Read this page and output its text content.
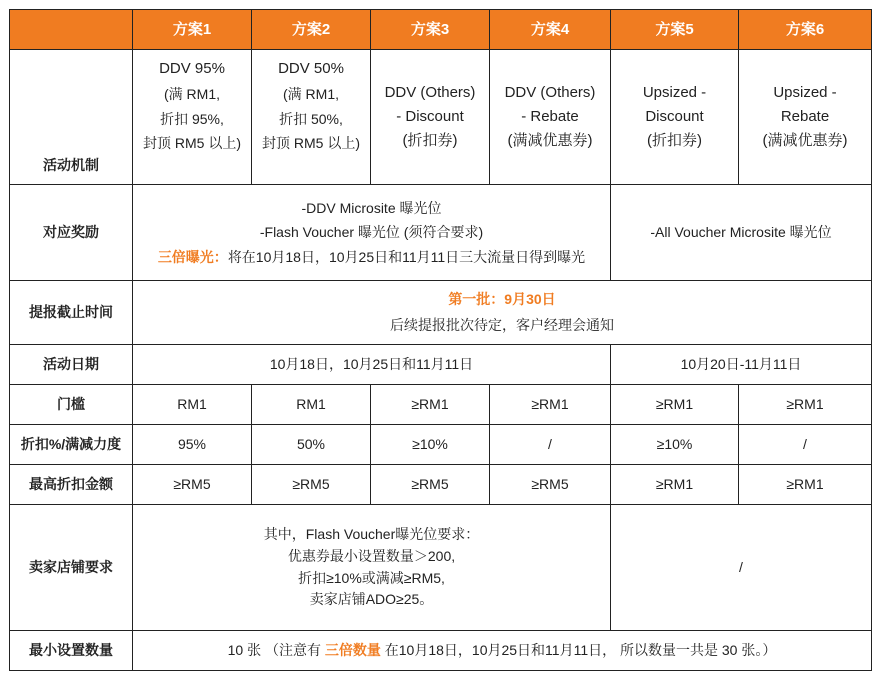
	方案1	方案2	方案3	方案4	方案5	方案6
活动机制	DDV 95%
(满 RM1,
折扣 95%,
封顶 RM5 以上)	DDV 50%
(满 RM1,
折扣 50%,
封顶 RM5 以上)	DDV (Others)
- Discount
(折扣券)	DDV (Others)
- Rebate
(满减优惠券)	Upsized -
Discount
(折扣券)	Upsized -
Rebate
(满减优惠券)

对应奖励	-DDV Microsite 曝光位
-Flash Voucher 曝光位 (须符合要求)
三倍曝光：将在10月18日，10月25日和11月11日三大流量日得到曝光				-All Voucher Microsite 曝光位	
提报截止时间	第一批：9月30日
后续提报批次待定，客户经理会通知					

活动日期	10月18日，10月25日和11月11日				10月20日-11月11日	
门槛	RM1	RM1	≥RM1	≥RM1	≥RM1	≥RM1
折扣%/满减力度	95%	50%	≥10%	/	≥10%	/
最高折扣金额	≥RM5	≥RM5	≥RM5	≥RM5	≥RM1	≥RM1
卖家店铺要求	其中，Flash Voucher曝光位要求：
优惠券最小设置数量＞200,
折扣≥10%或满减≥RM5,
卖家店铺ADO≥25。				/	
最小设置数量	10 张 （注意有 三倍数量 在10月18日，10月25日和11月11日， 所以数量一共是 30 张。）					
